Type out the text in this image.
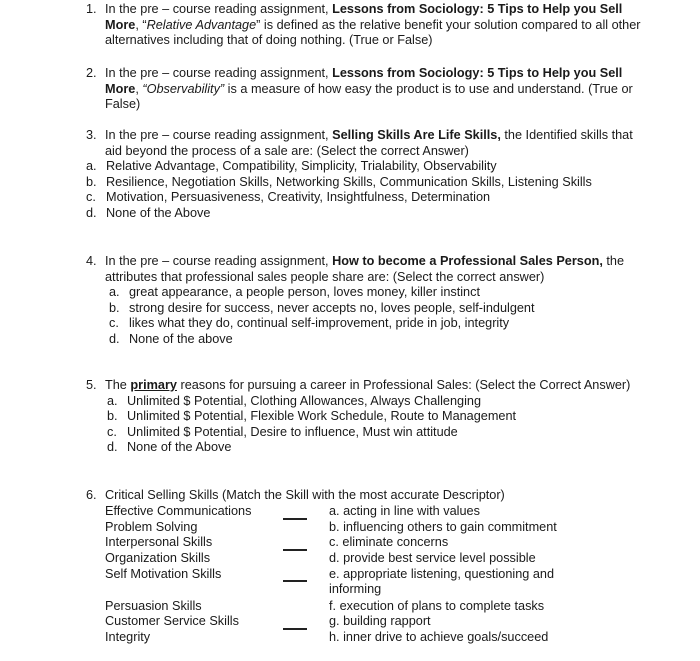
1. In the pre – course reading assignment, Lessons from Sociology: 5 Tips to Help you Sell More, “Relative Advantage” is defined as the relative benefit your solution compared to all other alternatives including that of doing nothing. (True or False)
2. In the pre – course reading assignment, Lessons from Sociology: 5 Tips to Help you Sell More, “Observability” is a measure of how easy the product is to use and understand. (True or False)
3. In the pre – course reading assignment, Selling Skills Are Life Skills, the Identified skills that aid beyond the process of a sale are: (Select the correct Answer)
a. Relative Advantage, Compatibility, Simplicity, Trialability, Observability
b. Resilience, Negotiation Skills, Networking Skills, Communication Skills, Listening Skills
c. Motivation, Persuasiveness, Creativity, Insightfulness, Determination
d. None of the Above
4. In the pre – course reading assignment, How to become a Professional Sales Person, the attributes that professional sales people share are: (Select the correct answer)
a. great appearance, a people person, loves money, killer instinct
b. strong desire for success, never accepts no, loves people, self-indulgent
c. likes what they do, continual self-improvement, pride in job, integrity
d. None of the above
5. The primary reasons for pursuing a career in Professional Sales: (Select the Correct Answer)
a. Unlimited $ Potential, Clothing Allowances, Always Challenging
b. Unlimited $ Potential, Flexible Work Schedule, Route to Management
c. Unlimited $ Potential, Desire to influence, Must win attitude
d. None of the Above
6. Critical Selling Skills (Match the Skill with the most accurate Descriptor)
Effective Communications
Problem Solving
Interpersonal Skills
Organization Skills
Self Motivation Skills
Persuasion Skills
Customer Service Skills
Integrity
a. acting in line with values
b. influencing others to gain commitment
c. eliminate concerns
d. provide best service level possible
e. appropriate listening, questioning and informing
f. execution of plans to complete tasks
g. building rapport
h. inner drive to achieve goals/succeed
